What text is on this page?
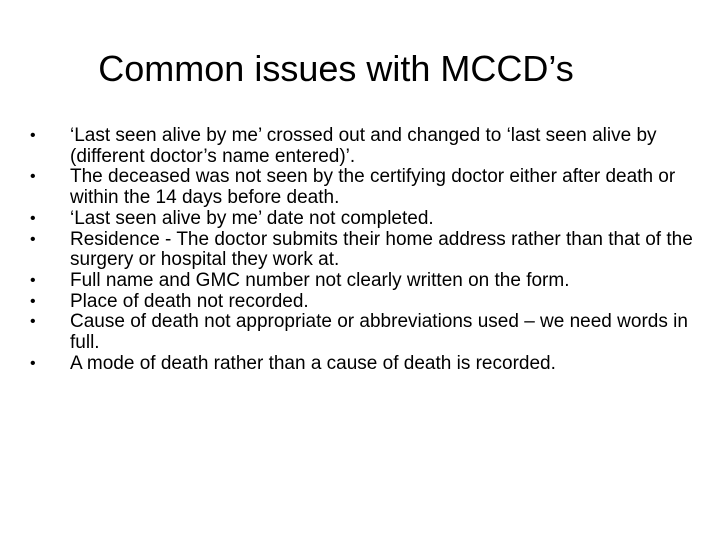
Common issues with MCCD’s
• ‘Last seen alive by me’ crossed out and changed to ‘last seen alive by (different doctor’s name entered)’.
• The deceased was not seen by the certifying doctor either after death or within the 14 days before death.
• ‘Last seen alive by me’ date not completed.
• Residence - The doctor submits their home address rather than that of the surgery or hospital they work at.
• Full name and GMC number not clearly written on the form.
• Place of death not recorded.
• Cause of death not appropriate or abbreviations used – we need words in full.
• A mode of death rather than a cause of death is recorded.
